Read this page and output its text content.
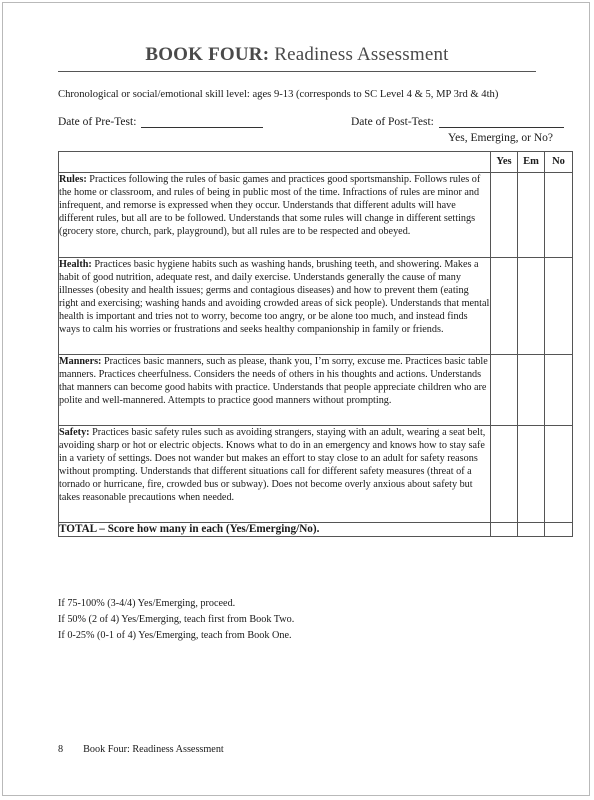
BOOK FOUR: Readiness Assessment
Chronological or social/emotional skill level: ages 9-13 (corresponds to SC Level 4 & 5, MP 3rd & 4th)
Date of Pre-Test:	Date of Post-Test:
Yes, Emerging, or No?
	Yes	Em	No
Rules: Practices following the rules of basic games and practices good sportsmanship. Follows rules of the home or classroom, and rules of being in public most of the time. Infractions of rules are minor and infrequent, and remorse is expressed when they occur. Understands that different adults will have different rules, but all are to be followed. Understands that some rules will change in different settings (grocery store, church, park, playground), but all rules are to be respected and obeyed.			
Health: Practices basic hygiene habits such as washing hands, brushing teeth, and showering. Makes a habit of good nutrition, adequate rest, and daily exercise. Understands generally the cause of many illnesses (obesity and health issues; germs and contagious diseases) and how to prevent them (eating right and exercising; washing hands and avoiding crowded areas of sick people). Understands that mental health is important and tries not to worry, become too angry, or be alone too much, and instead finds ways to calm his worries or frustrations and seeks healthy companionship in family or friends.			
Manners: Practices basic manners, such as please, thank you, I’m sorry, excuse me. Practices basic table manners. Practices cheerfulness. Considers the needs of others in his thoughts and actions. Understands that manners can become good habits with practice. Understands that people appreciate children who are polite and well-mannered. Attempts to practice good manners without prompting.			
Safety: Practices basic safety rules such as avoiding strangers, staying with an adult, wearing a seat belt, avoiding sharp or hot or electric objects. Knows what to do in an emergency and knows how to stay safe in a variety of settings. Does not wander but makes an effort to stay close to an adult for safety reasons without prompting. Understands that different situations call for different safety measures (threat of a tornado or hurricane, fire, crowded bus or subway). Does not become overly anxious about safety but takes reasonable precautions when needed.			
TOTAL – Score how many in each (Yes/Emerging/No).			
If 75-100% (3-4/4) Yes/Emerging, proceed.
If 50% (2 of 4) Yes/Emerging, teach first from Book Two.
If 0-25% (0-1 of 4) Yes/Emerging, teach from Book One.
8 Book Four: Readiness Assessment
